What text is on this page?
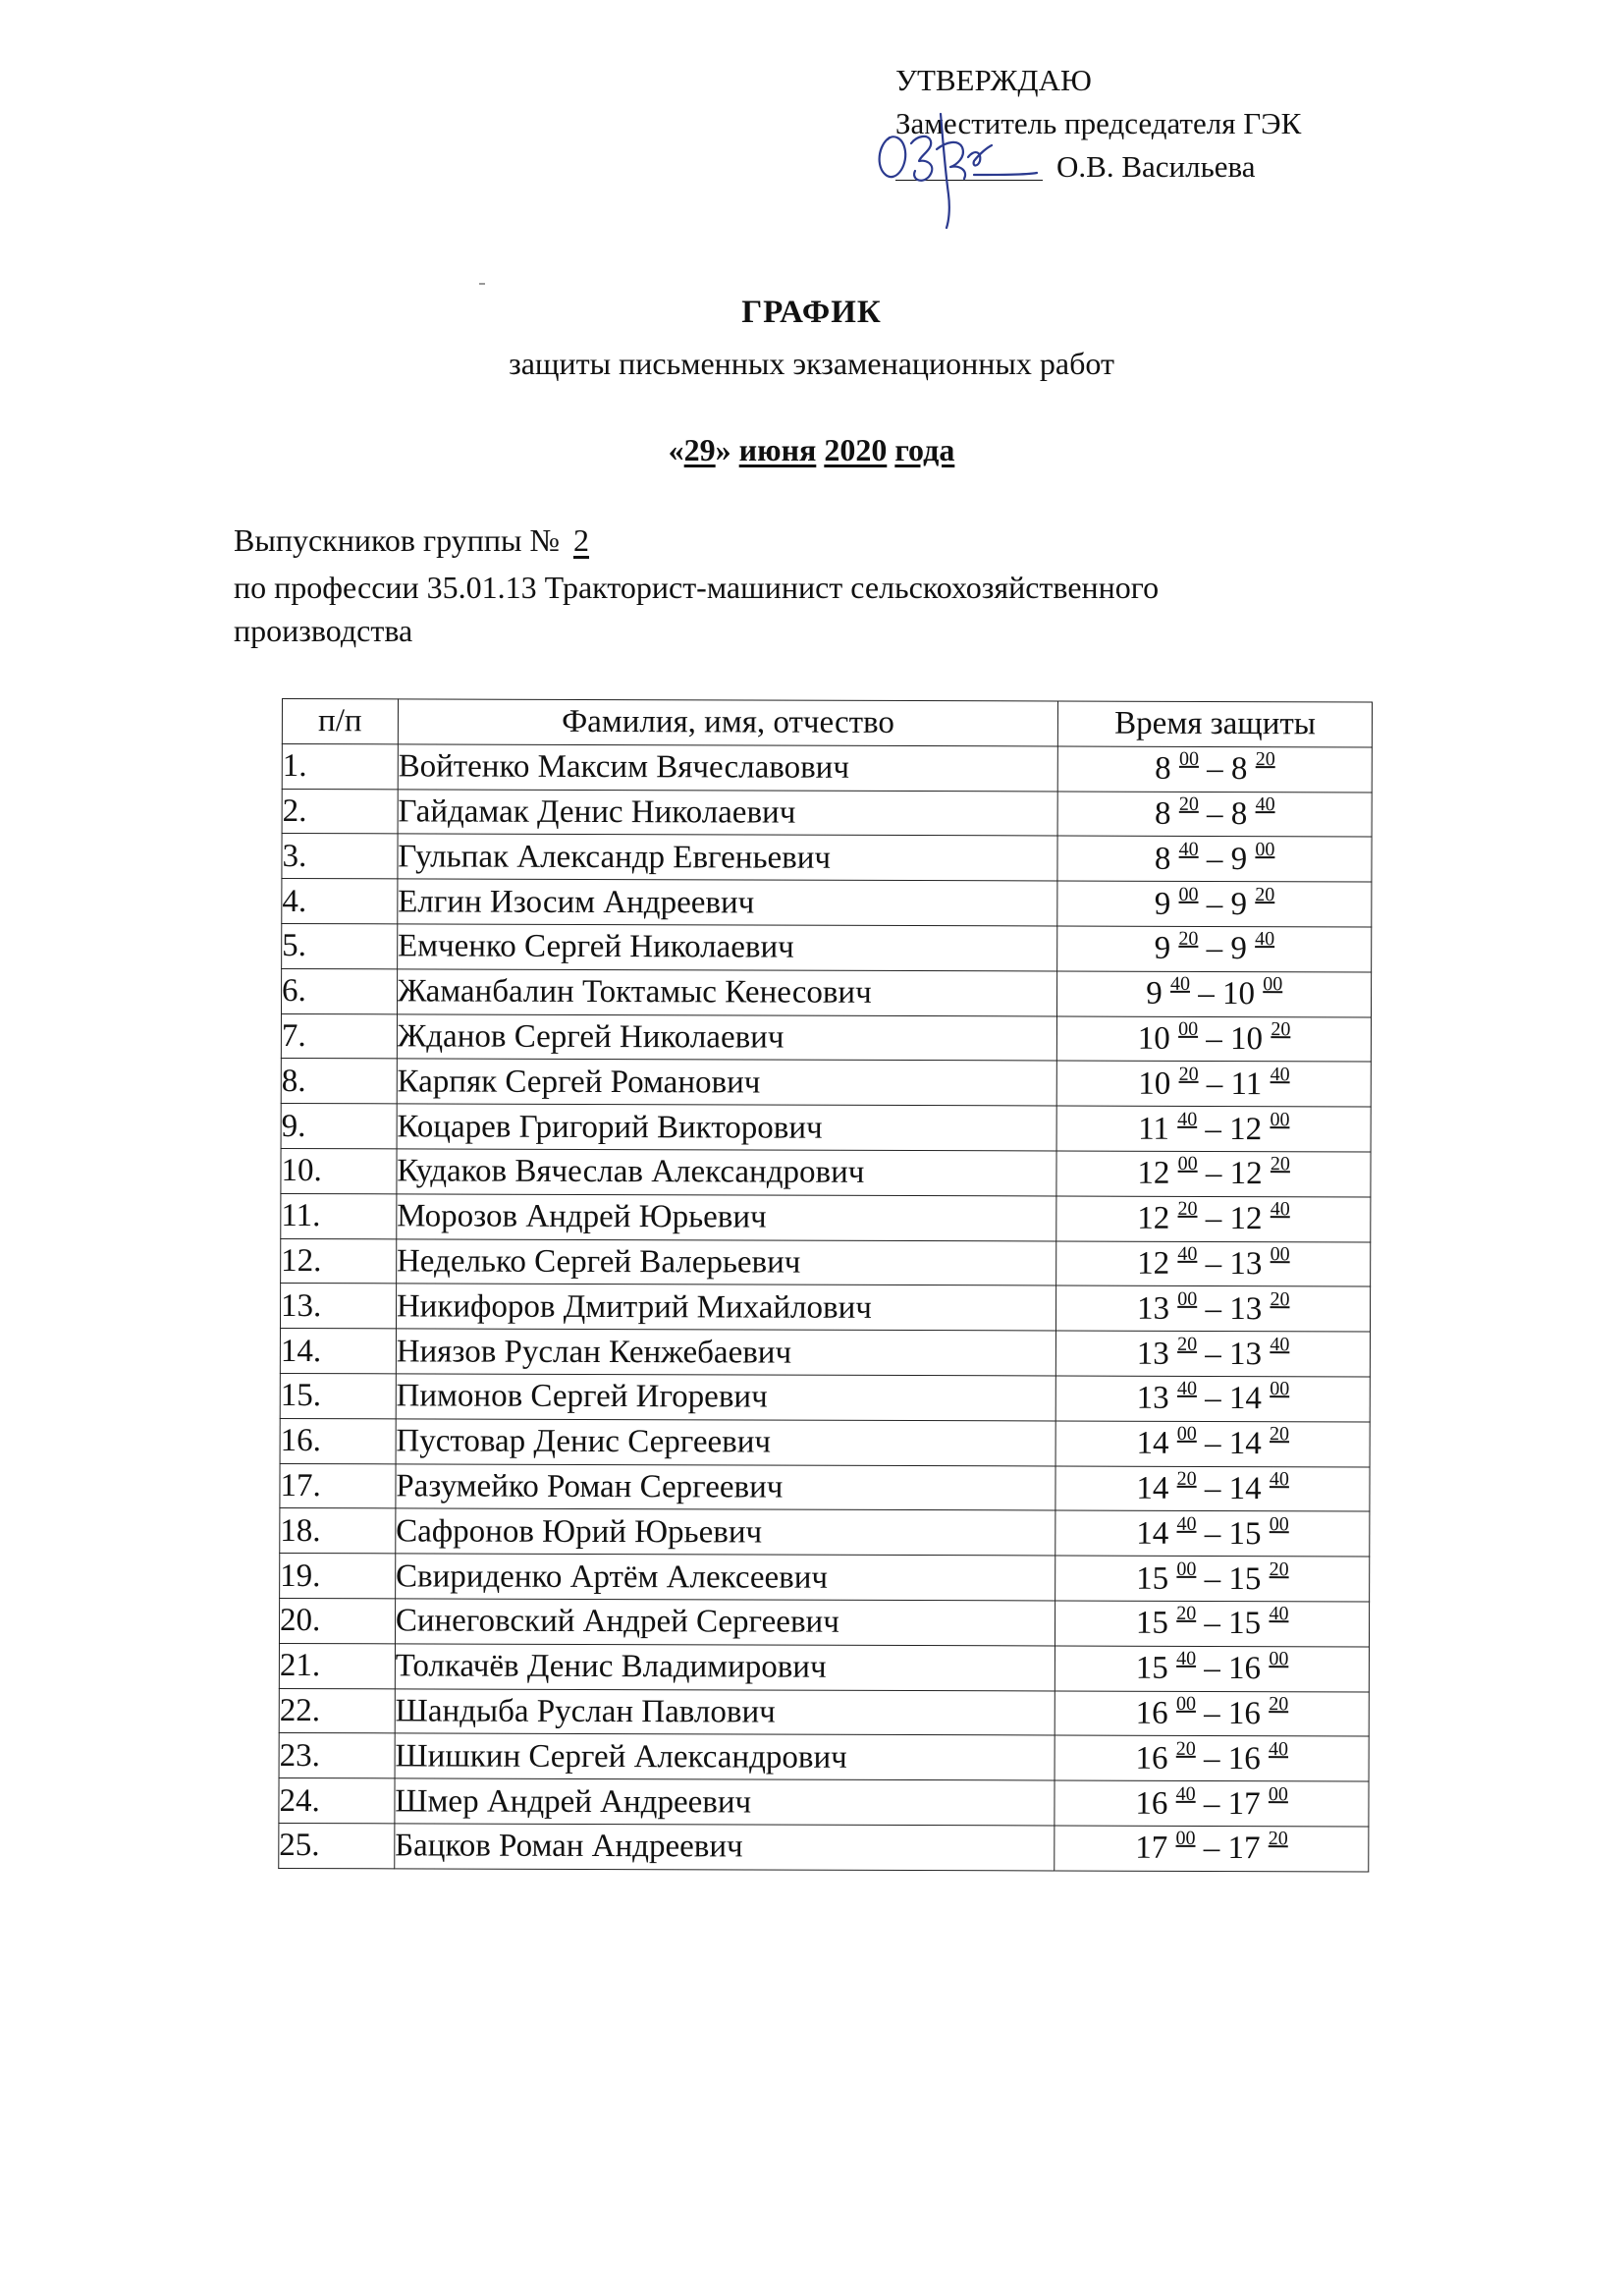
УТВЕРЖДАЮ
Заместитель председателя ГЭК
О.В. Васильева
ГРАФИК
защиты письменных экзаменационных работ
«29» июня 2020 года
Выпускников группы № 2
по профессии 35.01.13 Тракторист-машинист сельскохозяйственного
производства
п/п	Фамилия, имя, отчество	Время защиты
1.	Войтенко Максим Вячеславович	8 $^{00}$ – 8 $^{20}$
2.	Гайдамак Денис Николаевич	8 $^{20}$ – 8 $^{40}$
3.	Гульпак Александр Евгеньевич	8 $^{40}$ – 9 $^{00}$
4.	Елгин Изосим Андреевич	9 $^{00}$ – 9 $^{20}$
5.	Емченко Сергей Николаевич	9 $^{20}$ – 9 $^{40}$
6.	Жаманбалин Токтамыс Кенесович	9 $^{40}$ – 10 $^{00}$
7.	Жданов Сергей Николаевич	10 $^{00}$ – 10 $^{20}$
8.	Карпяк Сергей Романович	10 $^{20}$ – 11 $^{40}$
9.	Коцарев Григорий Викторович	11 $^{40}$ – 12 $^{00}$
10.	Кудаков Вячеслав Александрович	12 $^{00}$ – 12 $^{20}$
11.	Морозов Андрей Юрьевич	12 $^{20}$ – 12 $^{40}$
12.	Неделько Сергей Валерьевич	12 $^{40}$ – 13 $^{00}$
13.	Никифоров Дмитрий Михайлович	13 $^{00}$ – 13 $^{20}$
14.	Ниязов Руслан Кенжебаевич	13 $^{20}$ – 13 $^{40}$
15.	Пимонов Сергей Игоревич	13 $^{40}$ – 14 $^{00}$
16.	Пустовар Денис Сергеевич	14 $^{00}$ – 14 $^{20}$
17.	Разумейко Роман Сергеевич	14 $^{20}$ – 14 $^{40}$
18.	Сафронов Юрий Юрьевич	14 $^{40}$ – 15 $^{00}$
19.	Свириденко Артём Алексеевич	15 $^{00}$ – 15 $^{20}$
20.	Синеговский Андрей Сергеевич	15 $^{20}$ – 15 $^{40}$
21.	Толкачёв Денис Владимирович	15 $^{40}$ – 16 $^{00}$
22.	Шандыба Руслан Павлович	16 $^{00}$ – 16 $^{20}$
23.	Шишкин Сергей Александрович	16 $^{20}$ – 16 $^{40}$
24.	Шмер Андрей Андреевич	16 $^{40}$ – 17 $^{00}$
25.	Бацков Роман Андреевич	17 $^{00}$ – 17 $^{20}$
